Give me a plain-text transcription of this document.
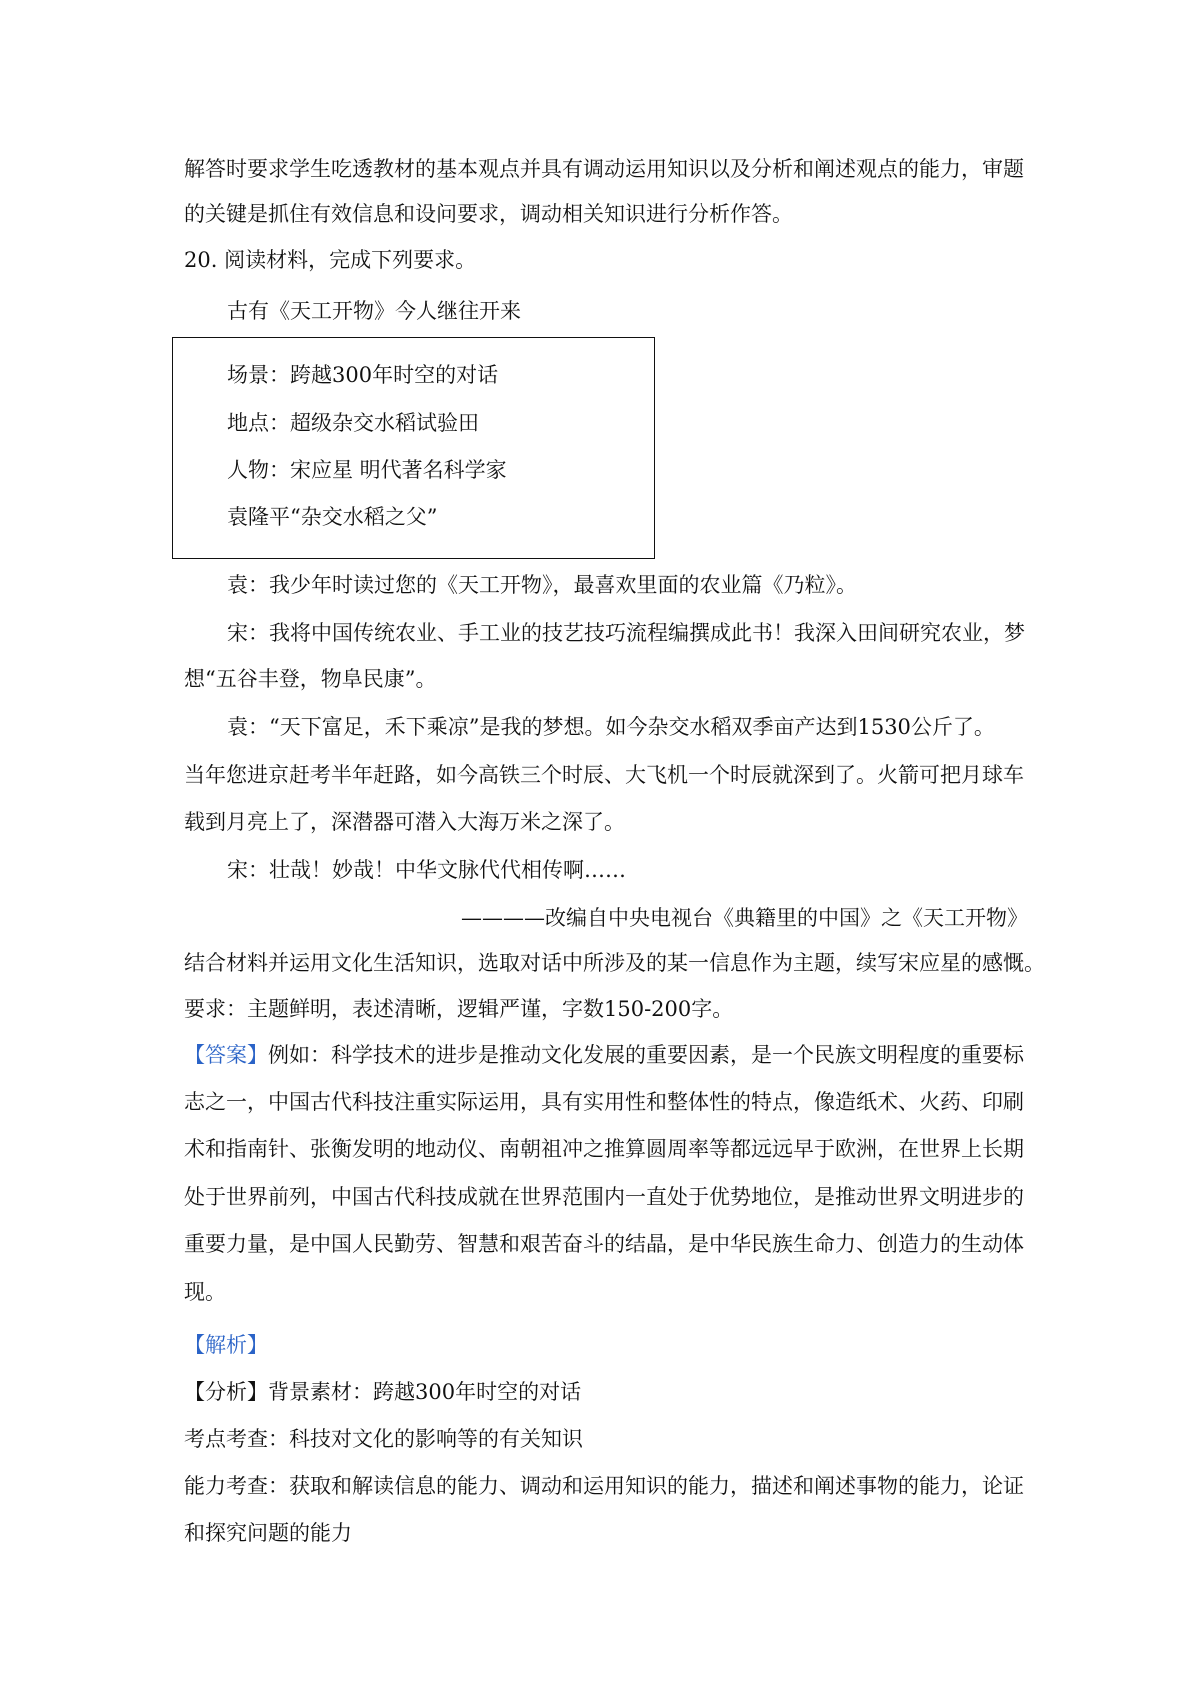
解答时要求学生吃透教材的基本观点并具有调动运用知识以及分析和阐述观点的能力，审题
的关键是抓住有效信息和设问要求，调动相关知识进行分析作答。
20. 阅读材料，完成下列要求。
古有《天工开物》今人继往开来
场景：跨越300年时空的对话
地点：超级杂交水稻试验田
人物：宋应星 明代著名科学家
袁隆平“杂交水稻之父”
袁：我少年时读过您的《天工开物》，最喜欢里面的农业篇《乃粒》。
宋：我将中国传统农业、手工业的技艺技巧流程编撰成此书！我深入田间研究农业，梦
想“五谷丰登，物阜民康”。
袁：“天下富足，禾下乘凉”是我的梦想。如今杂交水稻双季亩产达到1530公斤了。
当年您进京赶考半年赶路，如今高铁三个时辰、大飞机一个时辰就深到了。火箭可把月球车
载到月亮上了，深潜器可潜入大海万米之深了。
宋：壮哉！妙哉！中华文脉代代相传啊……
————改编自中央电视台《典籍里的中国》之《天工开物》
结合材料并运用文化生活知识，选取对话中所涉及的某一信息作为主题，续写宋应星的感慨。
要求：主题鲜明，表述清晰，逻辑严谨，字数150-200字。
【答案】例如：科学技术的进步是推动文化发展的重要因素，是一个民族文明程度的重要标
志之一，中国古代科技注重实际运用，具有实用性和整体性的特点，像造纸术、火药、印刷
术和指南针、张衡发明的地动仪、南朝祖冲之推算圆周率等都远远早于欧洲，在世界上长期
处于世界前列，中国古代科技成就在世界范围内一直处于优势地位，是推动世界文明进步的
重要力量，是中国人民勤劳、智慧和艰苦奋斗的结晶，是中华民族生命力、创造力的生动体
现。
【解析】
【分析】背景素材：跨越300年时空的对话
考点考查：科技对文化的影响等的有关知识
能力考查：获取和解读信息的能力、调动和运用知识的能力，描述和阐述事物的能力，论证
和探究问题的能力
